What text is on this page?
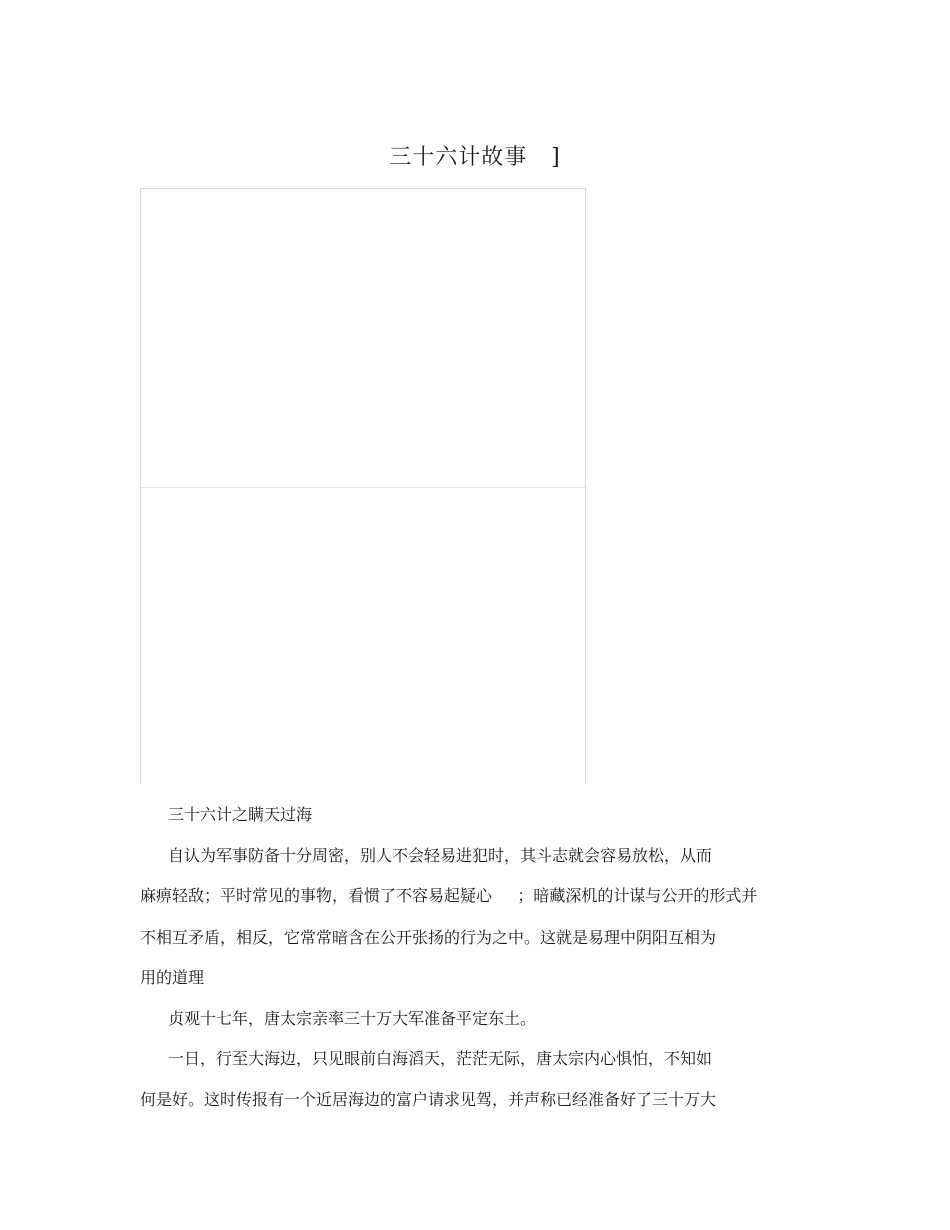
三十六计故事   ]
三十六计之瞒天过海
自认为军事防备十分周密，别人不会轻易进犯时，其斗志就会容易放松，从而
麻痹轻敌；平时常见的事物，看惯了不容易起疑心     ；暗藏深机的计谋与公开的形式并
不相互矛盾，相反，它常常暗含在公开张扬的行为之中。这就是易理中阴阳互相为
用的道理
贞观十七年，唐太宗亲率三十万大军准备平定东土。
一日，行至大海边，只见眼前白海滔天，茫茫无际，唐太宗内心惧怕，不知如
何是好。这时传报有一个近居海边的富户请求见驾，并声称已经准备好了三十万大
